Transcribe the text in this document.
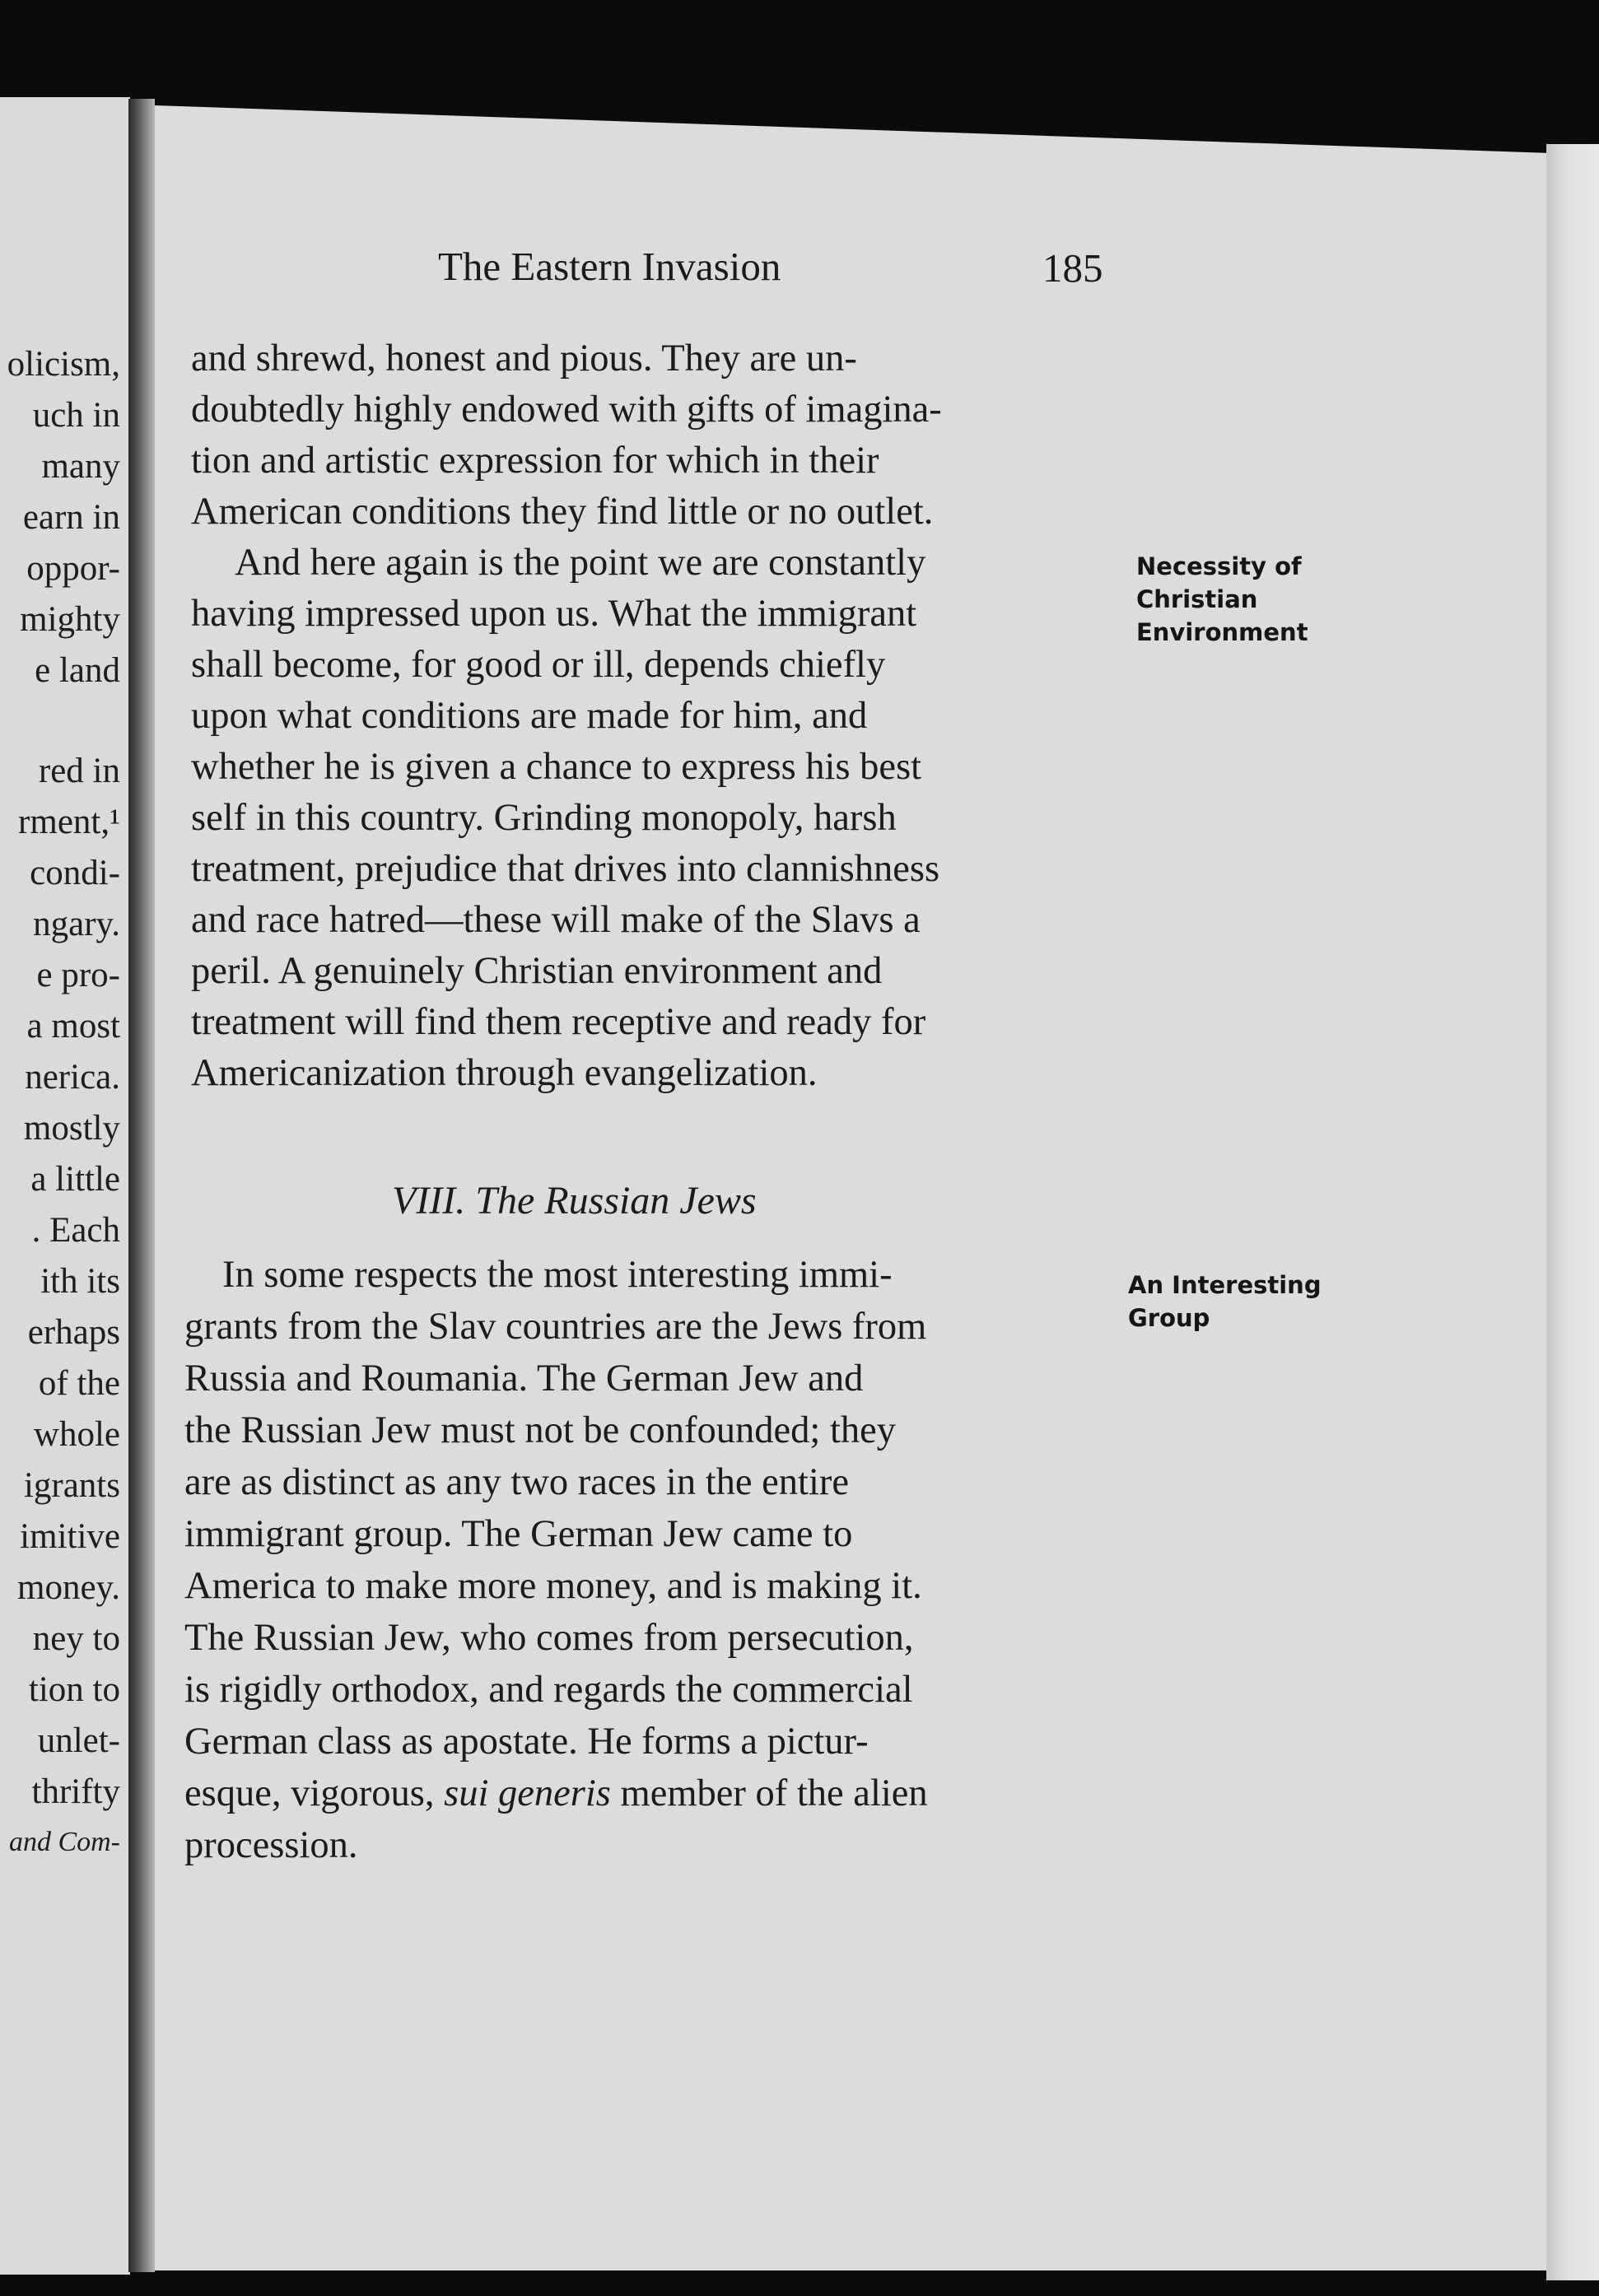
olicism,
uch in
many
earn in
oppor-
mighty
e land
red in
rment,¹
condi-
ngary.
e pro-
a most
nerica.
mostly
a little
. Each
ith its
erhaps
of the
whole
igrants
imitive
money.
ney to
tion to
unlet-
thrifty
and Com-
The Eastern Invasion	185
and shrewd, honest and pious. They are un-
doubtedly highly endowed with gifts of imagina-
tion and artistic expression for which in their
American conditions they find little or no outlet.
And here again is the point we are constantly
having impressed upon us. What the immigrant
shall become, for good or ill, depends chiefly
upon what conditions are made for him, and
whether he is given a chance to express his best
self in this country. Grinding monopoly, harsh
treatment, prejudice that drives into clannishness
and race hatred—these will make of the Slavs a
peril. A genuinely Christian environment and
treatment will find them receptive and ready for
Americanization through evangelization.
VIII. The Russian Jews
In some respects the most interesting immi-
grants from the Slav countries are the Jews from
Russia and Roumania. The German Jew and
the Russian Jew must not be confounded; they
are as distinct as any two races in the entire
immigrant group. The German Jew came to
America to make more money, and is making it.
The Russian Jew, who comes from persecution,
is rigidly orthodox, and regards the commercial
German class as apostate. He forms a pictur-
esque, vigorous, sui generis member of the alien
procession.
Necessity of
Christian
Environment
An Interesting
Group
